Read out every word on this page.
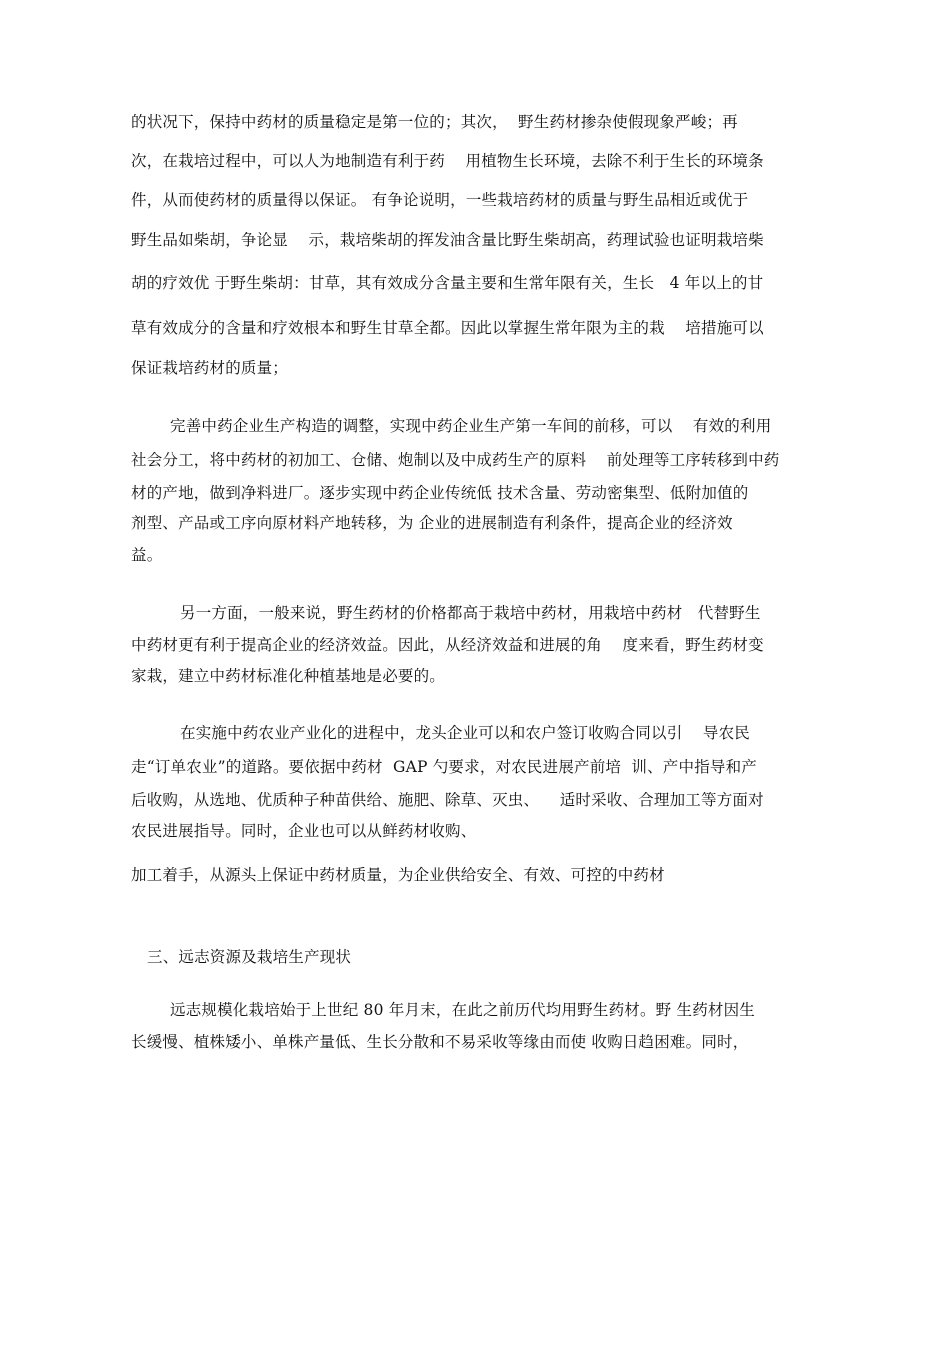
的状况下，保持中药材的质量稳定是第一位的；其次，  野生药材掺杂使假现象严峻；再

次，在栽培过程中，可以人为地制造有利于药    用植物生长环境，去除不利于生长的环境条

件，从而使药材的质量得以保证。 有争论说明，一些栽培药材的质量与野生品相近或优于

野生品如柴胡，争论显    示，栽培柴胡的挥发油含量比野生柴胡高，药理试验也证明栽培柴

胡的疗效优 于野生柴胡：甘草，其有效成分含量主要和生常年限有关，生长   4 年以上的甘

草有效成分的含量和疗效根本和野生甘草全都。因此以掌握生常年限为主的栽    培措施可以

保证栽培药材的质量；

完善中药企业生产构造的调整，实现中药企业生产第一车间的前移，可以    有效的利用

社会分工，将中药材的初加工、仓储、炮制以及中成药生产的原料    前处理等工序转移到中药

材的产地，做到净料进厂。逐步实现中药企业传统低 技术含量、劳动密集型、低附加值的

剂型、产品或工序向原材料产地转移，为 企业的进展制造有利条件，提高企业的经济效

益。

另一方面，一般来说，野生药材的价格都高于栽培中药材，用栽培中药材   代替野生

中药材更有利于提高企业的经济效益。因此，从经济效益和进展的角    度来看，野生药材变

家栽，建立中药材标准化种植基地是必要的。

在实施中药农业产业化的进程中，龙头企业可以和农户签订收购合同以引    导农民

走“订单农业”的道路。要依据中药材  GAP 勺要求，对农民进展产前培  训、产中指导和产

后收购，从选地、优质种子种苗供给、施肥、除草、灭虫、    适时采收、合理加工等方面对

农民进展指导。同时，企业也可以从鲜药材收购、

加工着手，从源头上保证中药材质量，为企业供给安全、有效、可控的中药材

三、远志资源及栽培生产现状

远志规模化栽培始于上世纪 80 年月末，在此之前历代均用野生药材。野 生药材因生

长缓慢、植株矮小、单株产量低、生长分散和不易采收等缘由而使 收购日趋困难。同时，
